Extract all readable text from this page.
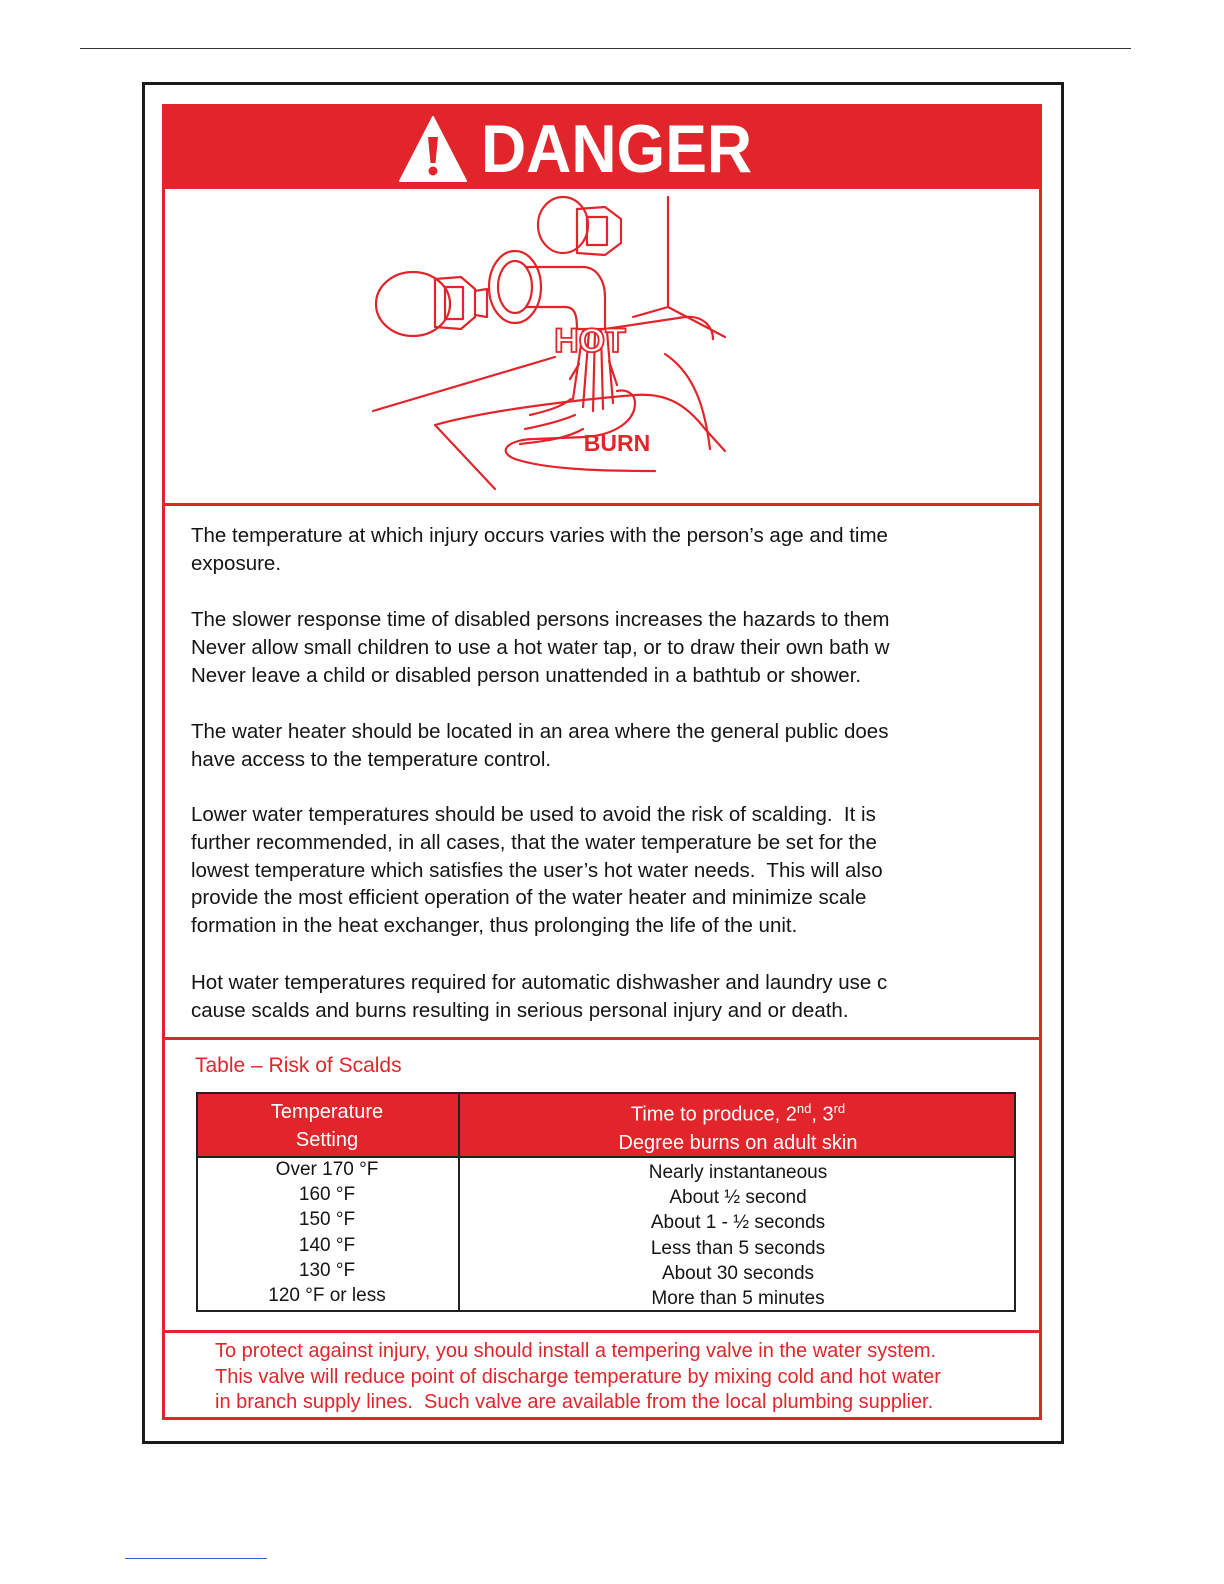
DANGER
HOT
BURN

The temperature at which injury occurs varies with the person’s age and time
exposure.

The slower response time of disabled persons increases the hazards to them
Never allow small children to use a hot water tap, or to draw their own bath w
Never leave a child or disabled person unattended in a bathtub or shower.

The water heater should be located in an area where the general public does
have access to the temperature control.

Lower water temperatures should be used to avoid the risk of scalding.  It is
further recommended, in all cases, that the water temperature be set for the
lowest temperature which satisfies the user’s hot water needs.  This will also
provide the most efficient operation of the water heater and minimize scale
formation in the heat exchanger, thus prolonging the life of the unit.

Hot water temperatures required for automatic dishwasher and laundry use c
cause scalds and burns resulting in serious personal injury and or death.

Table – Risk of Scalds
Temperature
Setting
Time to produce, 2nd, 3rd
Degree burns on adult skin
Over 170 °F
160 °F
150 °F
140 °F
130 °F
120 °F or less
Nearly instantaneous
About ½ second
About 1 - ½ seconds
Less than 5 seconds
About 30 seconds
More than 5 minutes

To protect against injury, you should install a tempering valve in the water system.
This valve will reduce point of discharge temperature by mixing cold and hot water
in branch supply lines.  Such valve are available from the local plumbing supplier.
